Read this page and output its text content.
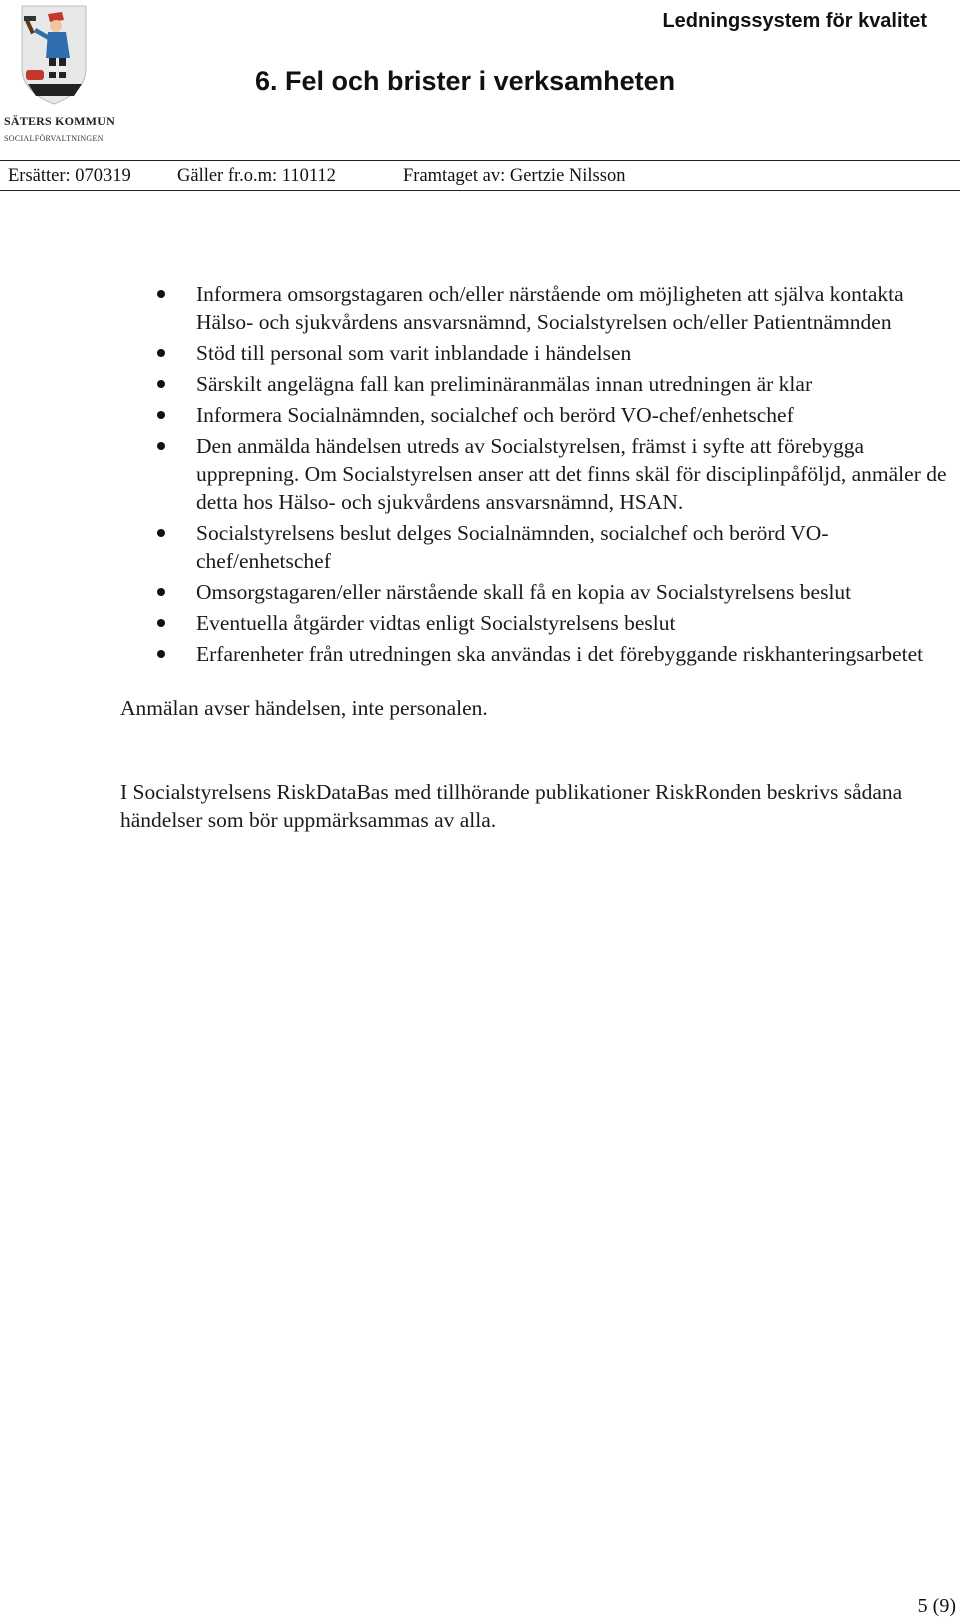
SÄTERS KOMMUN
SOCIALFÖRVALTNINGEN
Ledningssystem för kvalitet
6. Fel och brister i verksamheten
Ersätter: 070319 Gäller fr.o.m: 110112	Framtaget av: Gertzie Nilsson
Informera omsorgstagaren och/eller närstående om möjligheten att själva kontakta Hälso- och sjukvårdens ansvarsnämnd, Socialstyrelsen och/eller Patientnämnden
Stöd till personal som varit inblandade i händelsen
Särskilt angelägna fall kan preliminäranmälas innan utredningen är klar
Informera Socialnämnden, socialchef och berörd VO-chef/enhetschef
Den anmälda händelsen utreds av Socialstyrelsen, främst i syfte att förebygga upprepning. Om Socialstyrelsen anser att det finns skäl för disciplinpåföljd, anmäler de detta hos Hälso- och sjukvårdens ansvarsnämnd, HSAN.
Socialstyrelsens beslut delges Socialnämnden, socialchef och berörd VO-chef/enhetschef
Omsorgstagaren/eller närstående skall få en kopia av Socialstyrelsens beslut
Eventuella åtgärder vidtas enligt Socialstyrelsens beslut
Erfarenheter från utredningen ska användas i det förebyggande riskhanteringsarbetet

Anmälan avser händelsen, inte personalen.

I Socialstyrelsens RiskDataBas med tillhörande publikationer RiskRonden beskrivs sådana händelser som bör uppmärksammas av alla.

5 (9)
